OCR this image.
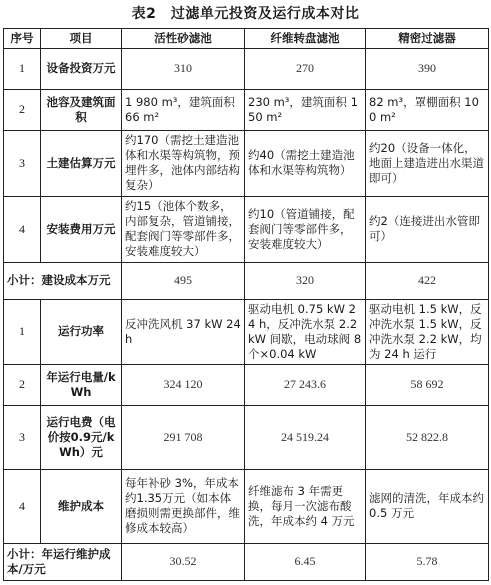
表2　过滤单元投资及运行成本对比
序号	项目	活性砂滤池	纤维转盘滤池	精密过滤器
1	设备投资万元	310	270	390
2	池容及建筑面积	1 980 m³，建筑面积 66 m²	230 m³，建筑面积 150 m²	82 m³，罩棚面积 100 m²
3	土建估算万元	约170（需挖土建造池体和水渠等构筑物，预埋件多，池体内部结构复杂）	约40（需挖土建造池体和水渠等构筑物）	约20（设备一体化，地面上建造进出水渠道即可）
4	安装费用万元	约15（池体个数多，内部复杂，管道铺接，配套阀门等零部件多，安装难度较大）	约10（管道铺接，配套阀门等零部件多，安装难度较大）	约2（连接进出水管即可）
小计：建设成本万元		495	320	422
1	运行功率	反冲洗风机 37 kW 24 h	驱动电机 0.75 kW 24 h，反冲洗水泵 2.2 kW 间歇，电动球阀 8 个×0.04 kW	驱动电机 1.5 kW，反冲洗水泵 1.5 kW，反冲洗水泵 2.2 kW，均为 24 h 运行
2	年运行电量/kWh	324 120	27 243.6	58 692
3	运行电费（电价按0.9元/kWh）元	291 708	24 519.24	52 822.8
4	维护成本	每年补砂 3%，年成本约1.35万元（如本体磨损则需更换部件，维修成本较高）	纤维滤布 3 年需更换，每月一次滤布酸洗，年成本约 4 万元	滤网的清洗，年成本约 0.5 万元
小计：年运行维护成本/万元		30.52	6.45	5.78
